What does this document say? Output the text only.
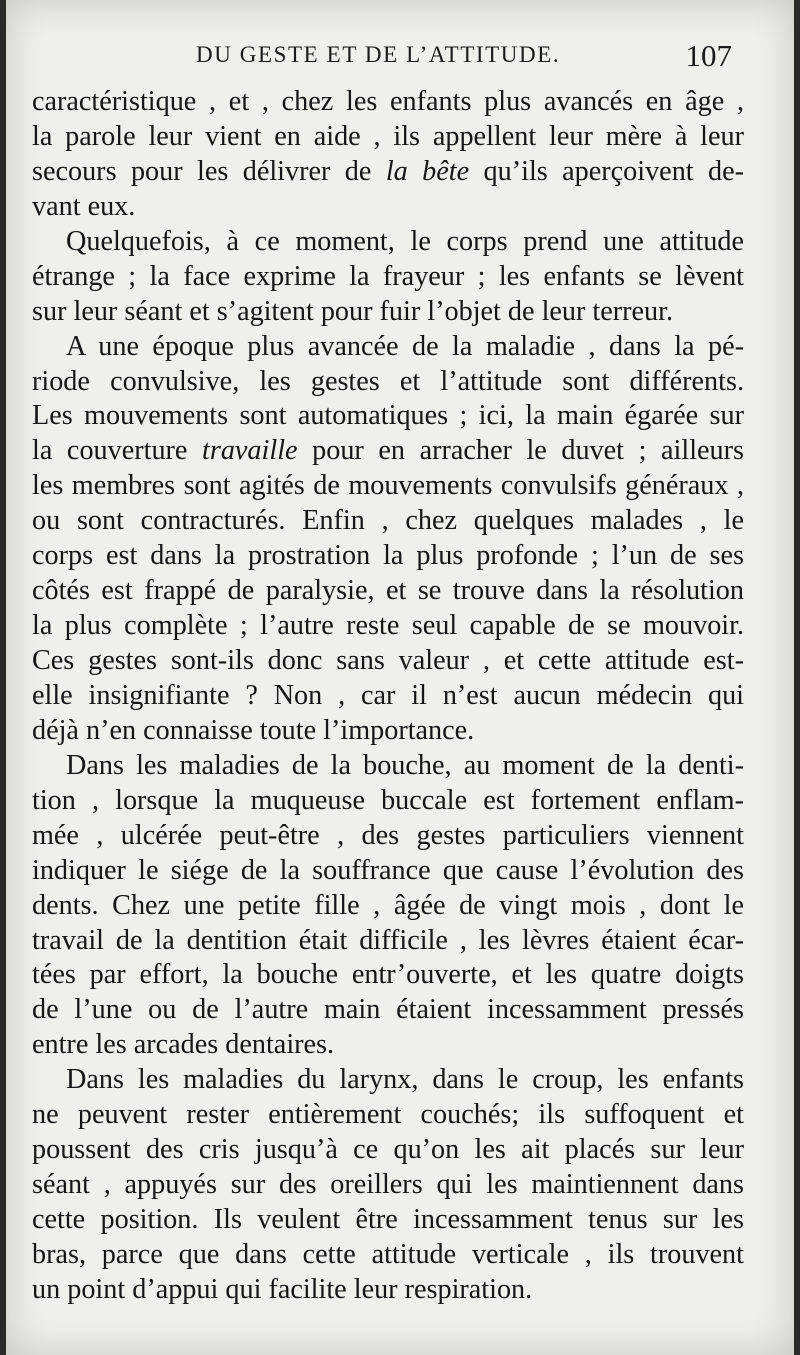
DU GESTE ET DE L’ATTITUDE.	107
caractéristique , et , chez les enfants plus avancés en âge ,
la parole leur vient en aide , ils appellent leur mère à leur
secours pour les délivrer de la bête qu’ils aperçoivent de-
vant eux.
Quelquefois, à ce moment, le corps prend une attitude
étrange ; la face exprime la frayeur ; les enfants se lèvent
sur leur séant et s’agitent pour fuir l’objet de leur terreur.
A une époque plus avancée de la maladie , dans la pé-
riode convulsive, les gestes et l’attitude sont différents.
Les mouvements sont automatiques ; ici, la main égarée sur
la couverture travaille pour en arracher le duvet ; ailleurs
les membres sont agités de mouvements convulsifs généraux ,
ou sont contracturés. Enfin , chez quelques malades , le
corps est dans la prostration la plus profonde ; l’un de ses
côtés est frappé de paralysie, et se trouve dans la résolution
la plus complète ; l’autre reste seul capable de se mouvoir.
Ces gestes sont-ils donc sans valeur , et cette attitude est-
elle insignifiante ? Non , car il n’est aucun médecin qui
déjà n’en connaisse toute l’importance.
Dans les maladies de la bouche, au moment de la denti-
tion , lorsque la muqueuse buccale est fortement enflam-
mée , ulcérée peut-être , des gestes particuliers viennent
indiquer le siége de la souffrance que cause l’évolution des
dents. Chez une petite fille , âgée de vingt mois , dont le
travail de la dentition était difficile , les lèvres étaient écar-
tées par effort, la bouche entr’ouverte, et les quatre doigts
de l’une ou de l’autre main étaient incessamment pressés
entre les arcades dentaires.
Dans les maladies du larynx, dans le croup, les enfants
ne peuvent rester entièrement couchés; ils suffoquent et
poussent des cris jusqu’à ce qu’on les ait placés sur leur
séant , appuyés sur des oreillers qui les maintiennent dans
cette position. Ils veulent être incessamment tenus sur les
bras, parce que dans cette attitude verticale , ils trouvent
un point d’appui qui facilite leur respiration.
